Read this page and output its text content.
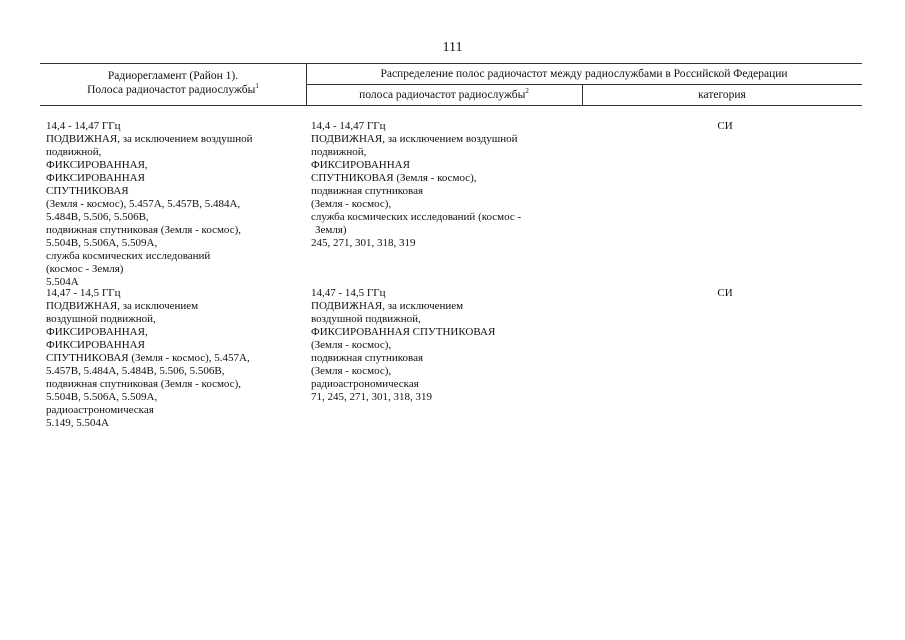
111
Радиорегламент (Район 1).
Полоса радиочастот радиослужбы$^1$
Распределение полос радиочастот между радиослужбами в Российской Федерации
полоса радиочастот радиослужбы$^2$	категория
14,4 - 14,47 ГГц
ПОДВИЖНАЯ, за исключением воздушной
подвижной,
ФИКСИРОВАННАЯ,
ФИКСИРОВАННАЯ
СПУТНИКОВАЯ
(Земля - космос), 5.457A, 5.457B, 5.484A,
5.484B, 5.506, 5.506B,
подвижная спутниковая (Земля - космос),
5.504B, 5.506A, 5.509A,
служба космических исследований
(космос - Земля)
5.504A
14,4 - 14,47 ГГц
ПОДВИЖНАЯ, за исключением воздушной
подвижной,
ФИКСИРОВАННАЯ
СПУТНИКОВАЯ (Земля - космос),
подвижная спутниковая
(Земля - космос),
служба космических исследований (космос -
Земля)
245, 271, 301, 318, 319
СИ
14,47 - 14,5 ГГц
ПОДВИЖНАЯ, за исключением
воздушной подвижной,
ФИКСИРОВАННАЯ,
ФИКСИРОВАННАЯ
СПУТНИКОВАЯ (Земля - космос), 5.457A,
5.457B, 5.484A, 5.484B, 5.506, 5.506B,
подвижная спутниковая (Земля - космос),
5.504B, 5.506A, 5.509A,
радиоастрономическая
5.149, 5.504A
14,47 - 14,5 ГГц
ПОДВИЖНАЯ, за исключением
воздушной подвижной,
ФИКСИРОВАННАЯ СПУТНИКОВАЯ
(Земля - космос),
подвижная спутниковая
(Земля - космос),
радиоастрономическая
71, 245, 271, 301, 318, 319
СИ
